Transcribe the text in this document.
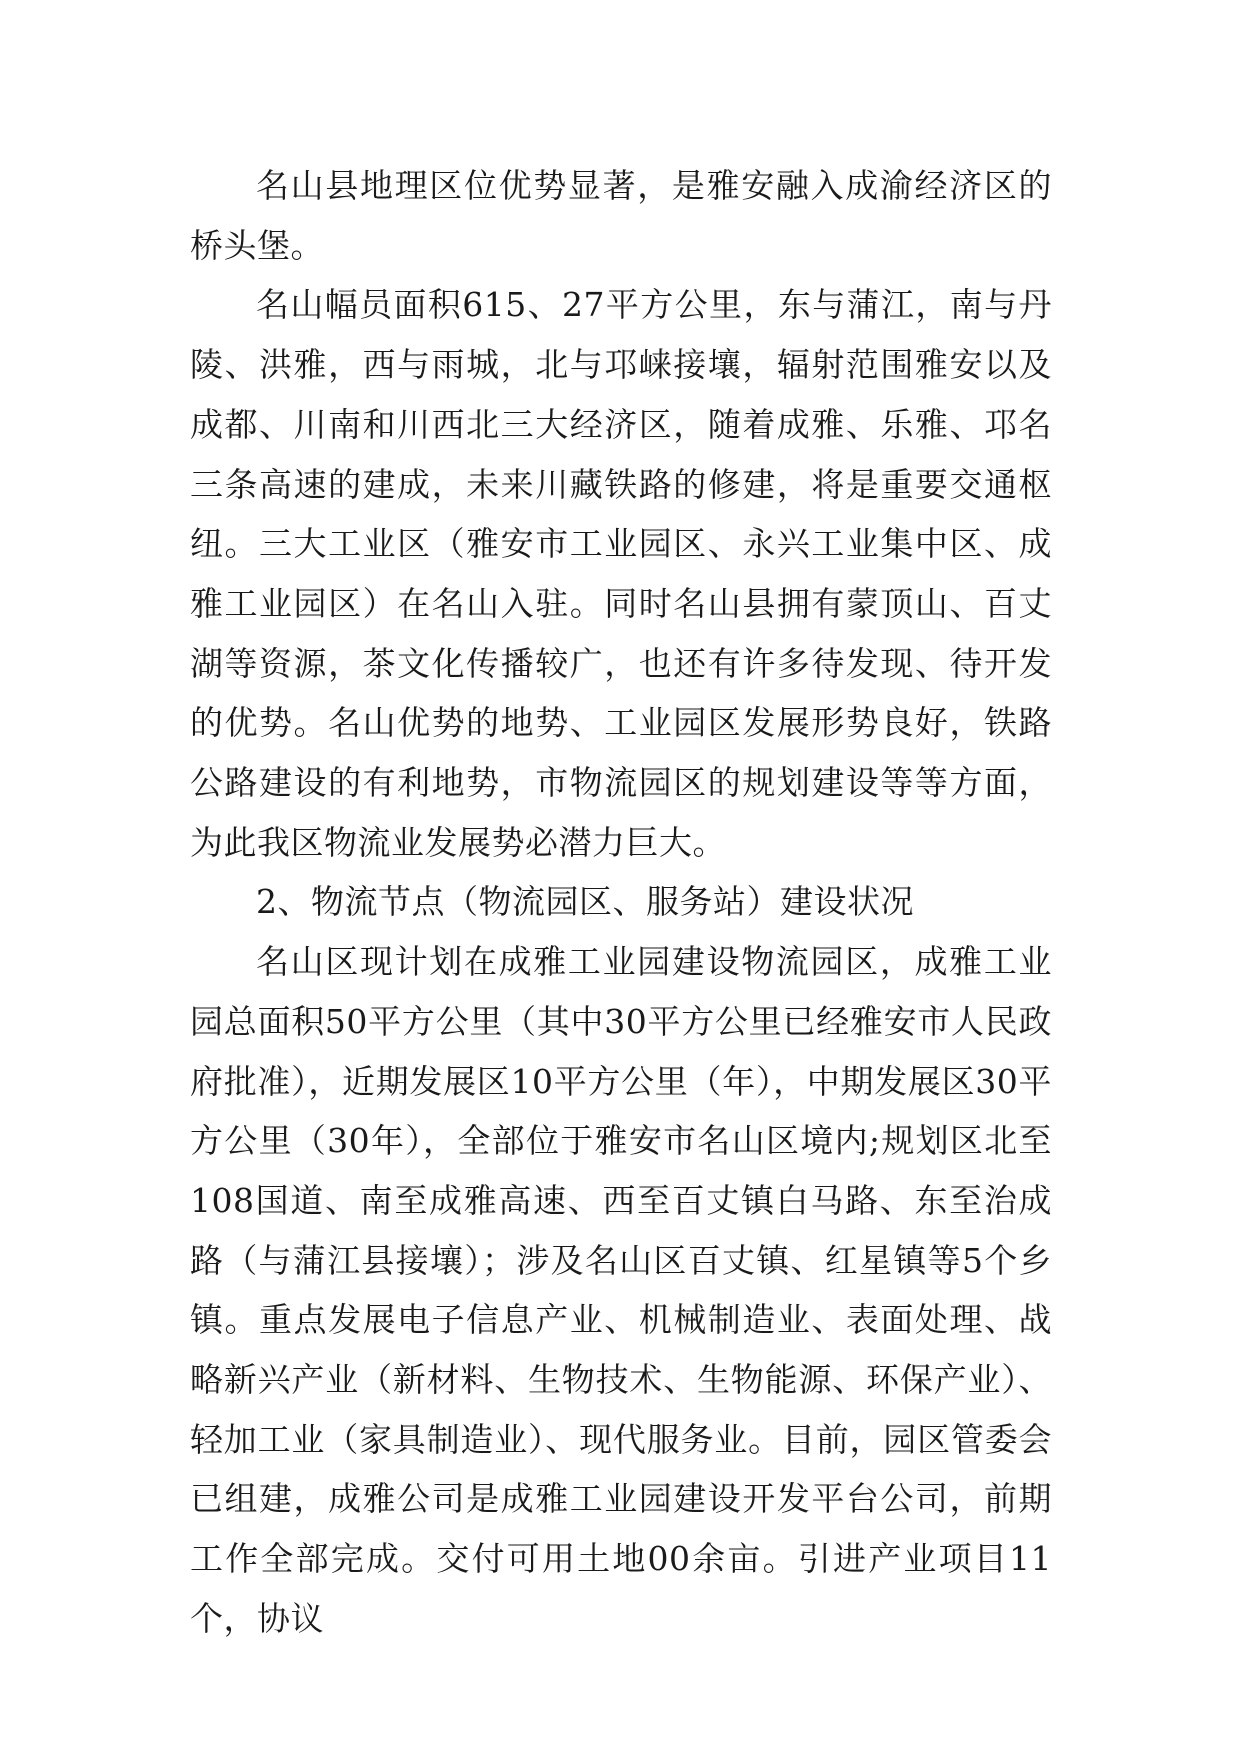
名山县地理区位优势显著，是雅安融入成渝经济区的桥头堡。

名山幅员面积615、27平方公里，东与蒲江，南与丹陵、洪雅，西与雨城，北与邛崃接壤，辐射范围雅安以及成都、川南和川西北三大经济区，随着成雅、乐雅、邛名三条高速的建成，未来川藏铁路的修建，将是重要交通枢纽。三大工业区（雅安市工业园区、永兴工业集中区、成雅工业园区）在名山入驻。同时名山县拥有蒙顶山、百丈湖等资源，茶文化传播较广，也还有许多待发现、待开发的优势。名山优势的地势、工业园区发展形势良好，铁路公路建设的有利地势，市物流园区的规划建设等等方面，为此我区物流业发展势必潜力巨大。

2、物流节点（物流园区、服务站）建设状况

名山区现计划在成雅工业园建设物流园区，成雅工业园总面积50平方公里（其中30平方公里已经雅安市人民政府批准），近期发展区10平方公里（年），中期发展区30平方公里（30年），全部位于雅安市名山区境内;规划区北至108国道、南至成雅高速、西至百丈镇白马路、东至治成路（与蒲江县接壤）；涉及名山区百丈镇、红星镇等5个乡镇。重点发展电子信息产业、机械制造业、表面处理、战略新兴产业（新材料、生物技术、生物能源、环保产业）、轻加工业（家具制造业）、现代服务业。目前，园区管委会已组建，成雅公司是成雅工业园建设开发平台公司，前期工作全部完成。交付可用土地00余亩。引进产业项目11个，协议
